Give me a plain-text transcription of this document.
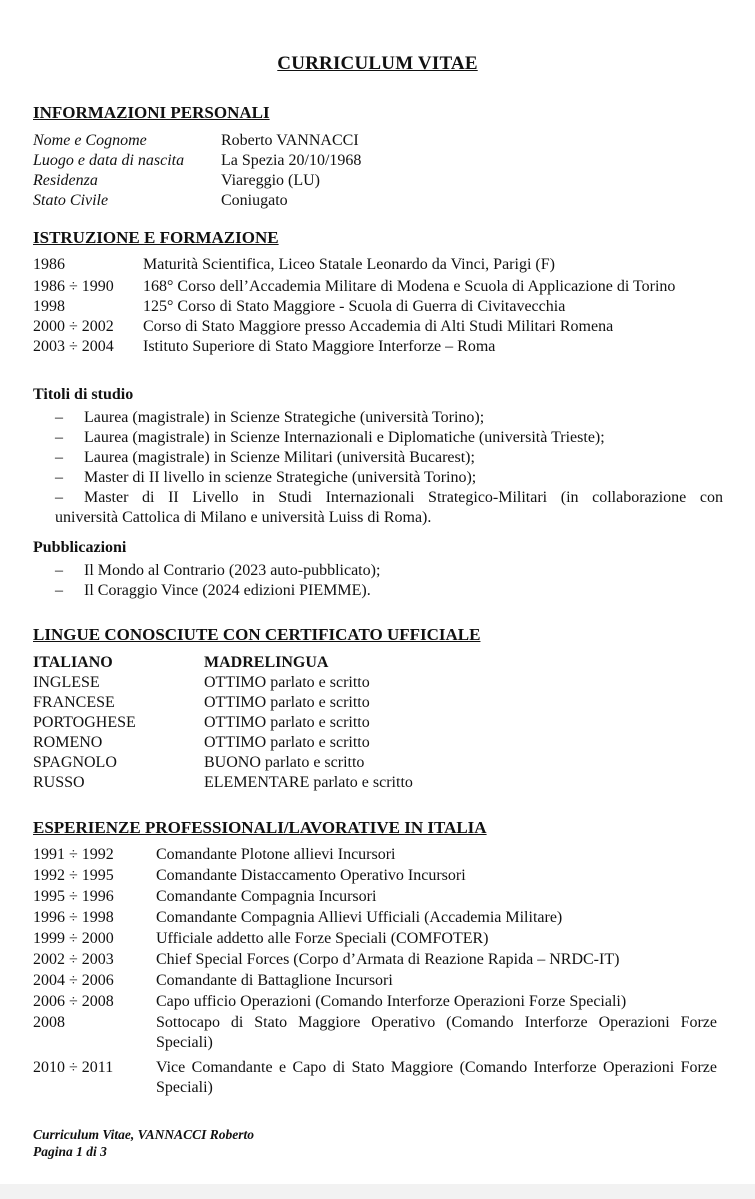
CURRICULUM VITAE
INFORMAZIONI PERSONALI
Nome e Cognome	Roberto VANNACCI
Luogo e data di nascita	La Spezia 20/10/1968
Residenza	Viareggio (LU)
Stato Civile	Coniugato
ISTRUZIONE E FORMAZIONE
1986	Maturità Scientifica, Liceo Statale Leonardo da Vinci, Parigi (F)
1986 ÷ 1990	168° Corso dell’Accademia Militare di Modena e Scuola di Applicazione di Torino
1998	125° Corso di Stato Maggiore - Scuola di Guerra di Civitavecchia
2000 ÷ 2002	Corso di Stato Maggiore presso Accademia di Alti Studi Militari Romena
2003 ÷ 2004	Istituto Superiore di Stato Maggiore Interforze – Roma
Titoli di studio
–	Laurea (magistrale) in Scienze Strategiche (università Torino);
–	Laurea (magistrale) in Scienze Internazionali e Diplomatiche (università Trieste);
–	Laurea (magistrale) in Scienze Militari (università Bucarest);
–	Master di II livello in scienze Strategiche (università Torino);
–	Master di II Livello in Studi Internazionali Strategico-Militari (in collaborazione con
università Cattolica di Milano e università Luiss di Roma).
Pubblicazioni
–	Il Mondo al Contrario (2023 auto-pubblicato);
–	Il Coraggio Vince (2024 edizioni PIEMME).
LINGUE CONOSCIUTE CON CERTIFICATO UFFICIALE
ITALIANO	MADRELINGUA
INGLESE	OTTIMO parlato e scritto
FRANCESE	OTTIMO parlato e scritto
PORTOGHESE	OTTIMO parlato e scritto
ROMENO	OTTIMO parlato e scritto
SPAGNOLO	BUONO parlato e scritto
RUSSO	ELEMENTARE parlato e scritto
ESPERIENZE PROFESSIONALI/LAVORATIVE IN ITALIA
1991 ÷ 1992	Comandante Plotone allievi Incursori
1992 ÷ 1995	Comandante Distaccamento Operativo Incursori
1995 ÷ 1996	Comandante Compagnia Incursori
1996 ÷ 1998	Comandante Compagnia Allievi Ufficiali (Accademia Militare)
1999 ÷ 2000	Ufficiale addetto alle Forze Speciali (COMFOTER)
2002 ÷ 2003	Chief Special Forces (Corpo d’Armata di Reazione Rapida – NRDC-IT)
2004 ÷ 2006	Comandante di Battaglione Incursori
2006 ÷ 2008	Capo ufficio Operazioni (Comando Interforze Operazioni Forze Speciali)
2008	Sottocapo di Stato Maggiore Operativo (Comando Interforze Operazioni Forze Speciali)
2010 ÷ 2011	Vice Comandante e Capo di Stato Maggiore (Comando Interforze Operazioni Forze Speciali)
Curriculum Vitae, VANNACCI Roberto
Pagina 1 di 3
